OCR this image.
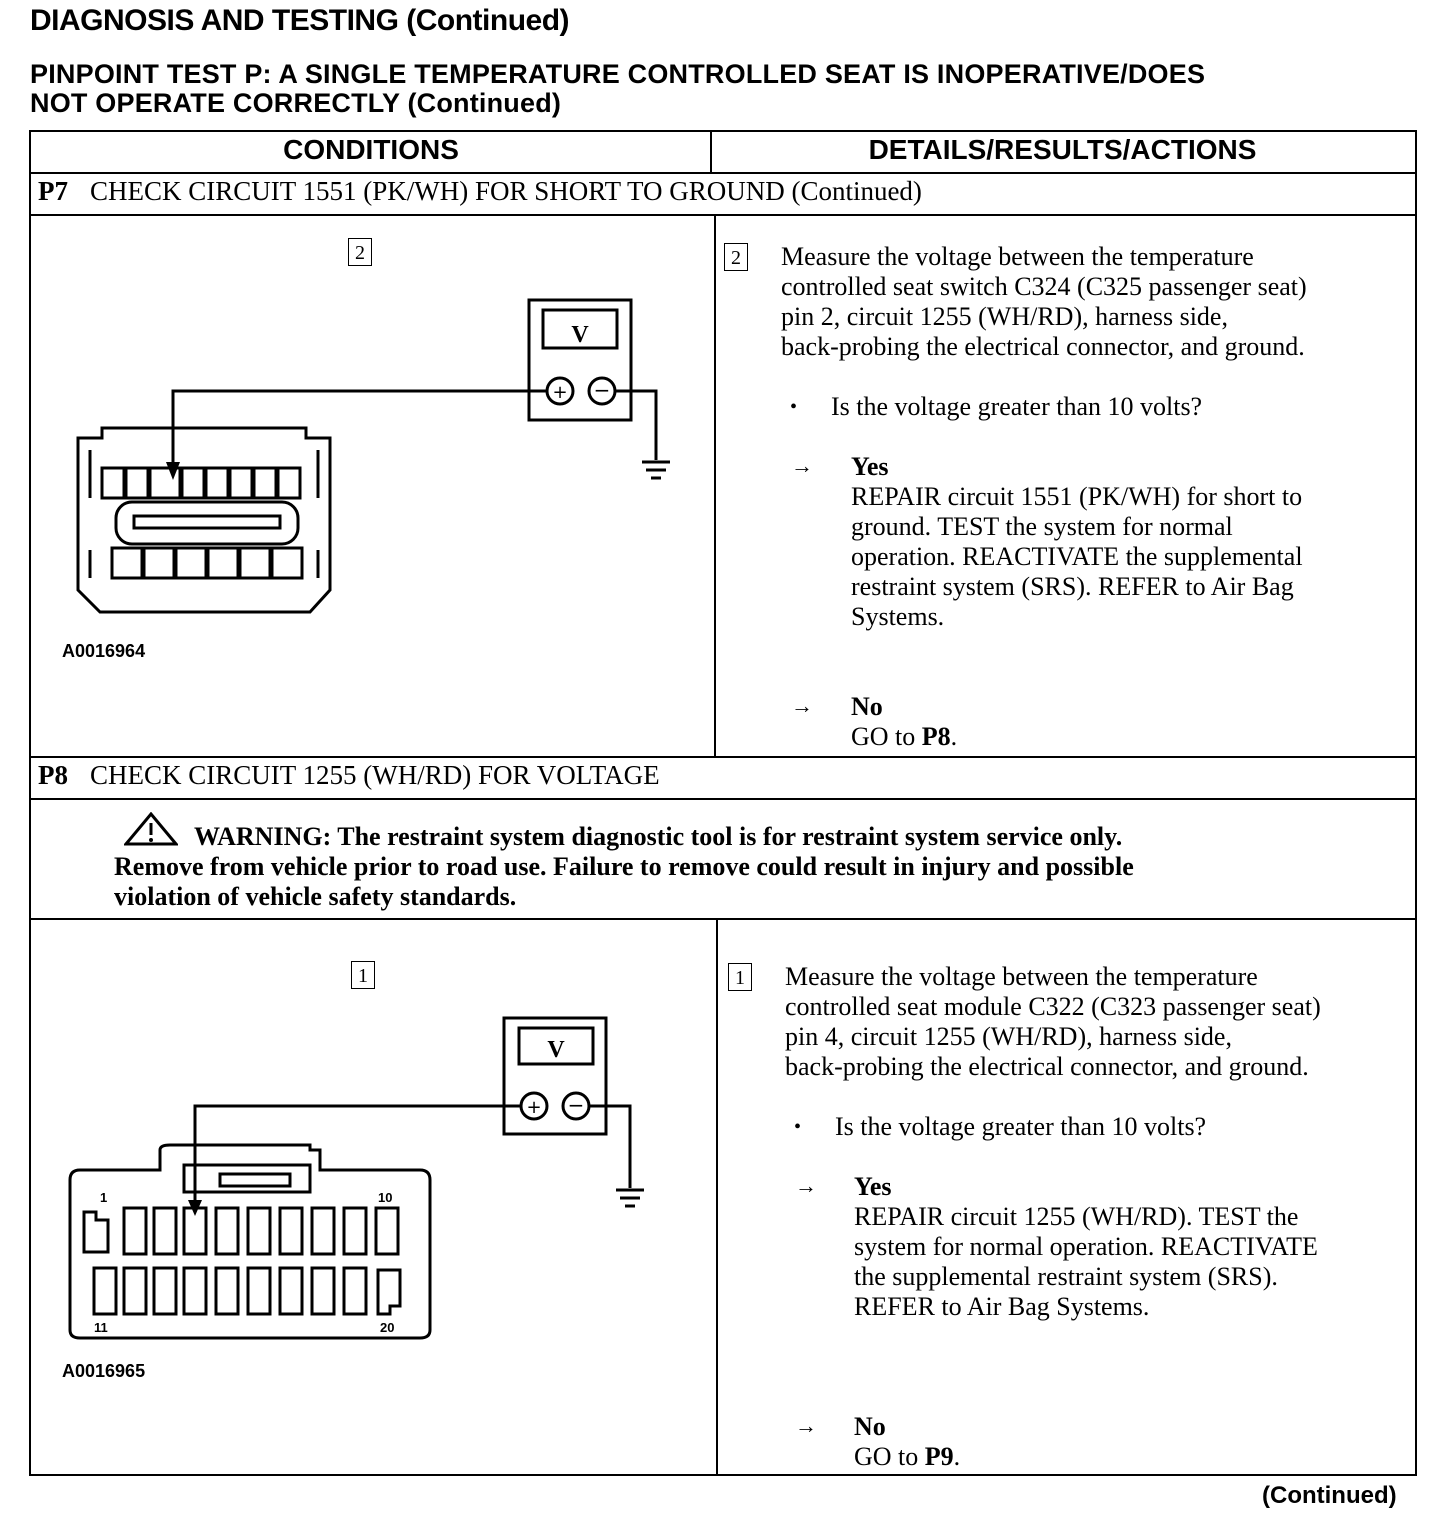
DIAGNOSIS AND TESTING (Continued)
PINPOINT TEST P: A SINGLE TEMPERATURE CONTROLLED SEAT IS INOPERATIVE/DOES
NOT OPERATE CORRECTLY (Continued)
CONDITIONS	DETAILS/RESULTS/ACTIONS
P7 CHECK CIRCUIT 1551 (PK/WH) FOR SHORT TO GROUND (Continued)
2
V
+ −
A0016964
2 Measure the voltage between the temperature
controlled seat switch C324 (C325 passenger seat)
pin 2, circuit 1255 (WH/RD), harness side,
back-probing the electrical connector, and ground.
• Is the voltage greater than 10 volts?
→ Yes
REPAIR circuit 1551 (PK/WH) for short to
ground. TEST the system for normal
operation. REACTIVATE the supplemental
restraint system (SRS). REFER to Air Bag
Systems.
→ No
GO to P8.
P8 CHECK CIRCUIT 1255 (WH/RD) FOR VOLTAGE
WARNING: The restraint system diagnostic tool is for restraint system service only.
Remove from vehicle prior to road use. Failure to remove could result in injury and possible
violation of vehicle safety standards.
1
V
+ −
1	10
11	20
A0016965
1 Measure the voltage between the temperature
controlled seat module C322 (C323 passenger seat)
pin 4, circuit 1255 (WH/RD), harness side,
back-probing the electrical connector, and ground.
• Is the voltage greater than 10 volts?
→ Yes
REPAIR circuit 1255 (WH/RD). TEST the
system for normal operation. REACTIVATE
the supplemental restraint system (SRS).
REFER to Air Bag Systems.
→ No
GO to P9.
(Continued)
